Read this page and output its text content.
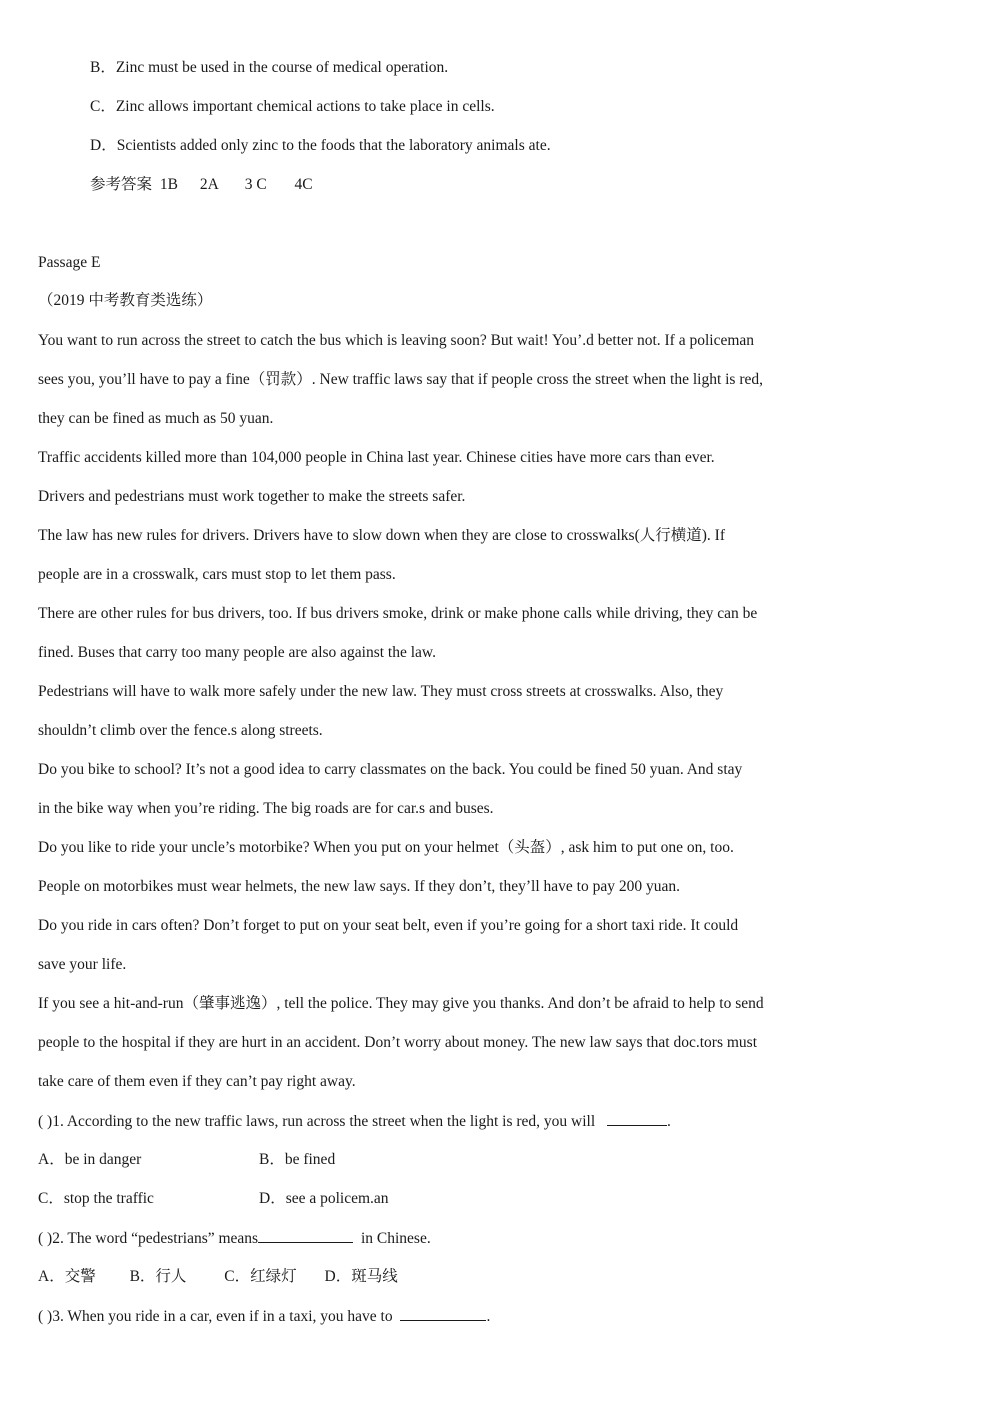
B．Zinc must be used in the course of medical operation.
C．Zinc allows important chemical actions to take place in cells.
D．Scientists added only zinc to the foods that the laboratory animals ate.
参考答案 1B 2A 3 C 4C
Passage E
（2019 中考教育类选练）
You want to run across the street to catch the bus which is leaving soon? But wait! You’.d better not. If a policeman
sees you, you’ll have to pay a fine（罚款）. New traffic laws say that if people cross the street when the light is red,
they can be fined as much as 50 yuan.
Traffic accidents killed more than 104,000 people in China last year. Chinese cities have more cars than ever.
Drivers and pedestrians must work together to make the streets safer.
The law has new rules for drivers. Drivers have to slow down when they are close to crosswalks(人行横道). If
people are in a crosswalk, cars must stop to let them pass.
There are other rules for bus drivers, too. If bus drivers smoke, drink or make phone calls while driving, they can be
fined. Buses that carry too many people are also against the law.
Pedestrians will have to walk more safely under the new law. They must cross streets at crosswalks. Also, they
shouldn’t climb over the fence.s along streets.
Do you bike to school? It’s not a good idea to carry classmates on the back. You could be fined 50 yuan. And stay
in the bike way when you’re riding. The big roads are for car.s and buses.
Do you like to ride your uncle’s motorbike? When you put on your helmet（头盔）, ask him to put one on, too.
People on motorbikes must wear helmets, the new law says. If they don’t, they’ll have to pay 200 yuan.
Do you ride in cars often? Don’t forget to put on your seat belt, even if you’re going for a short taxi ride. It could
save your life.
If you see a hit-and-run（肇事逃逸）, tell the police. They may give you thanks. And don’t be afraid to help to send
people to the hospital if they are hurt in an accident. Don’t worry about money. The new law says that doc.tors must
take care of them even if they can’t pay right away.
( )1. According to the new traffic laws, run across the street when the light is red, you will	.
A．be in danger	B．be fined
C．stop the traffic	D．see a policem.an
( )2. The word “pedestrians” means	in Chinese.
A．交警 B．行人 C．红绿灯 D．斑马线
( )3. When you ride in a car, even if in a taxi, you have to	.
